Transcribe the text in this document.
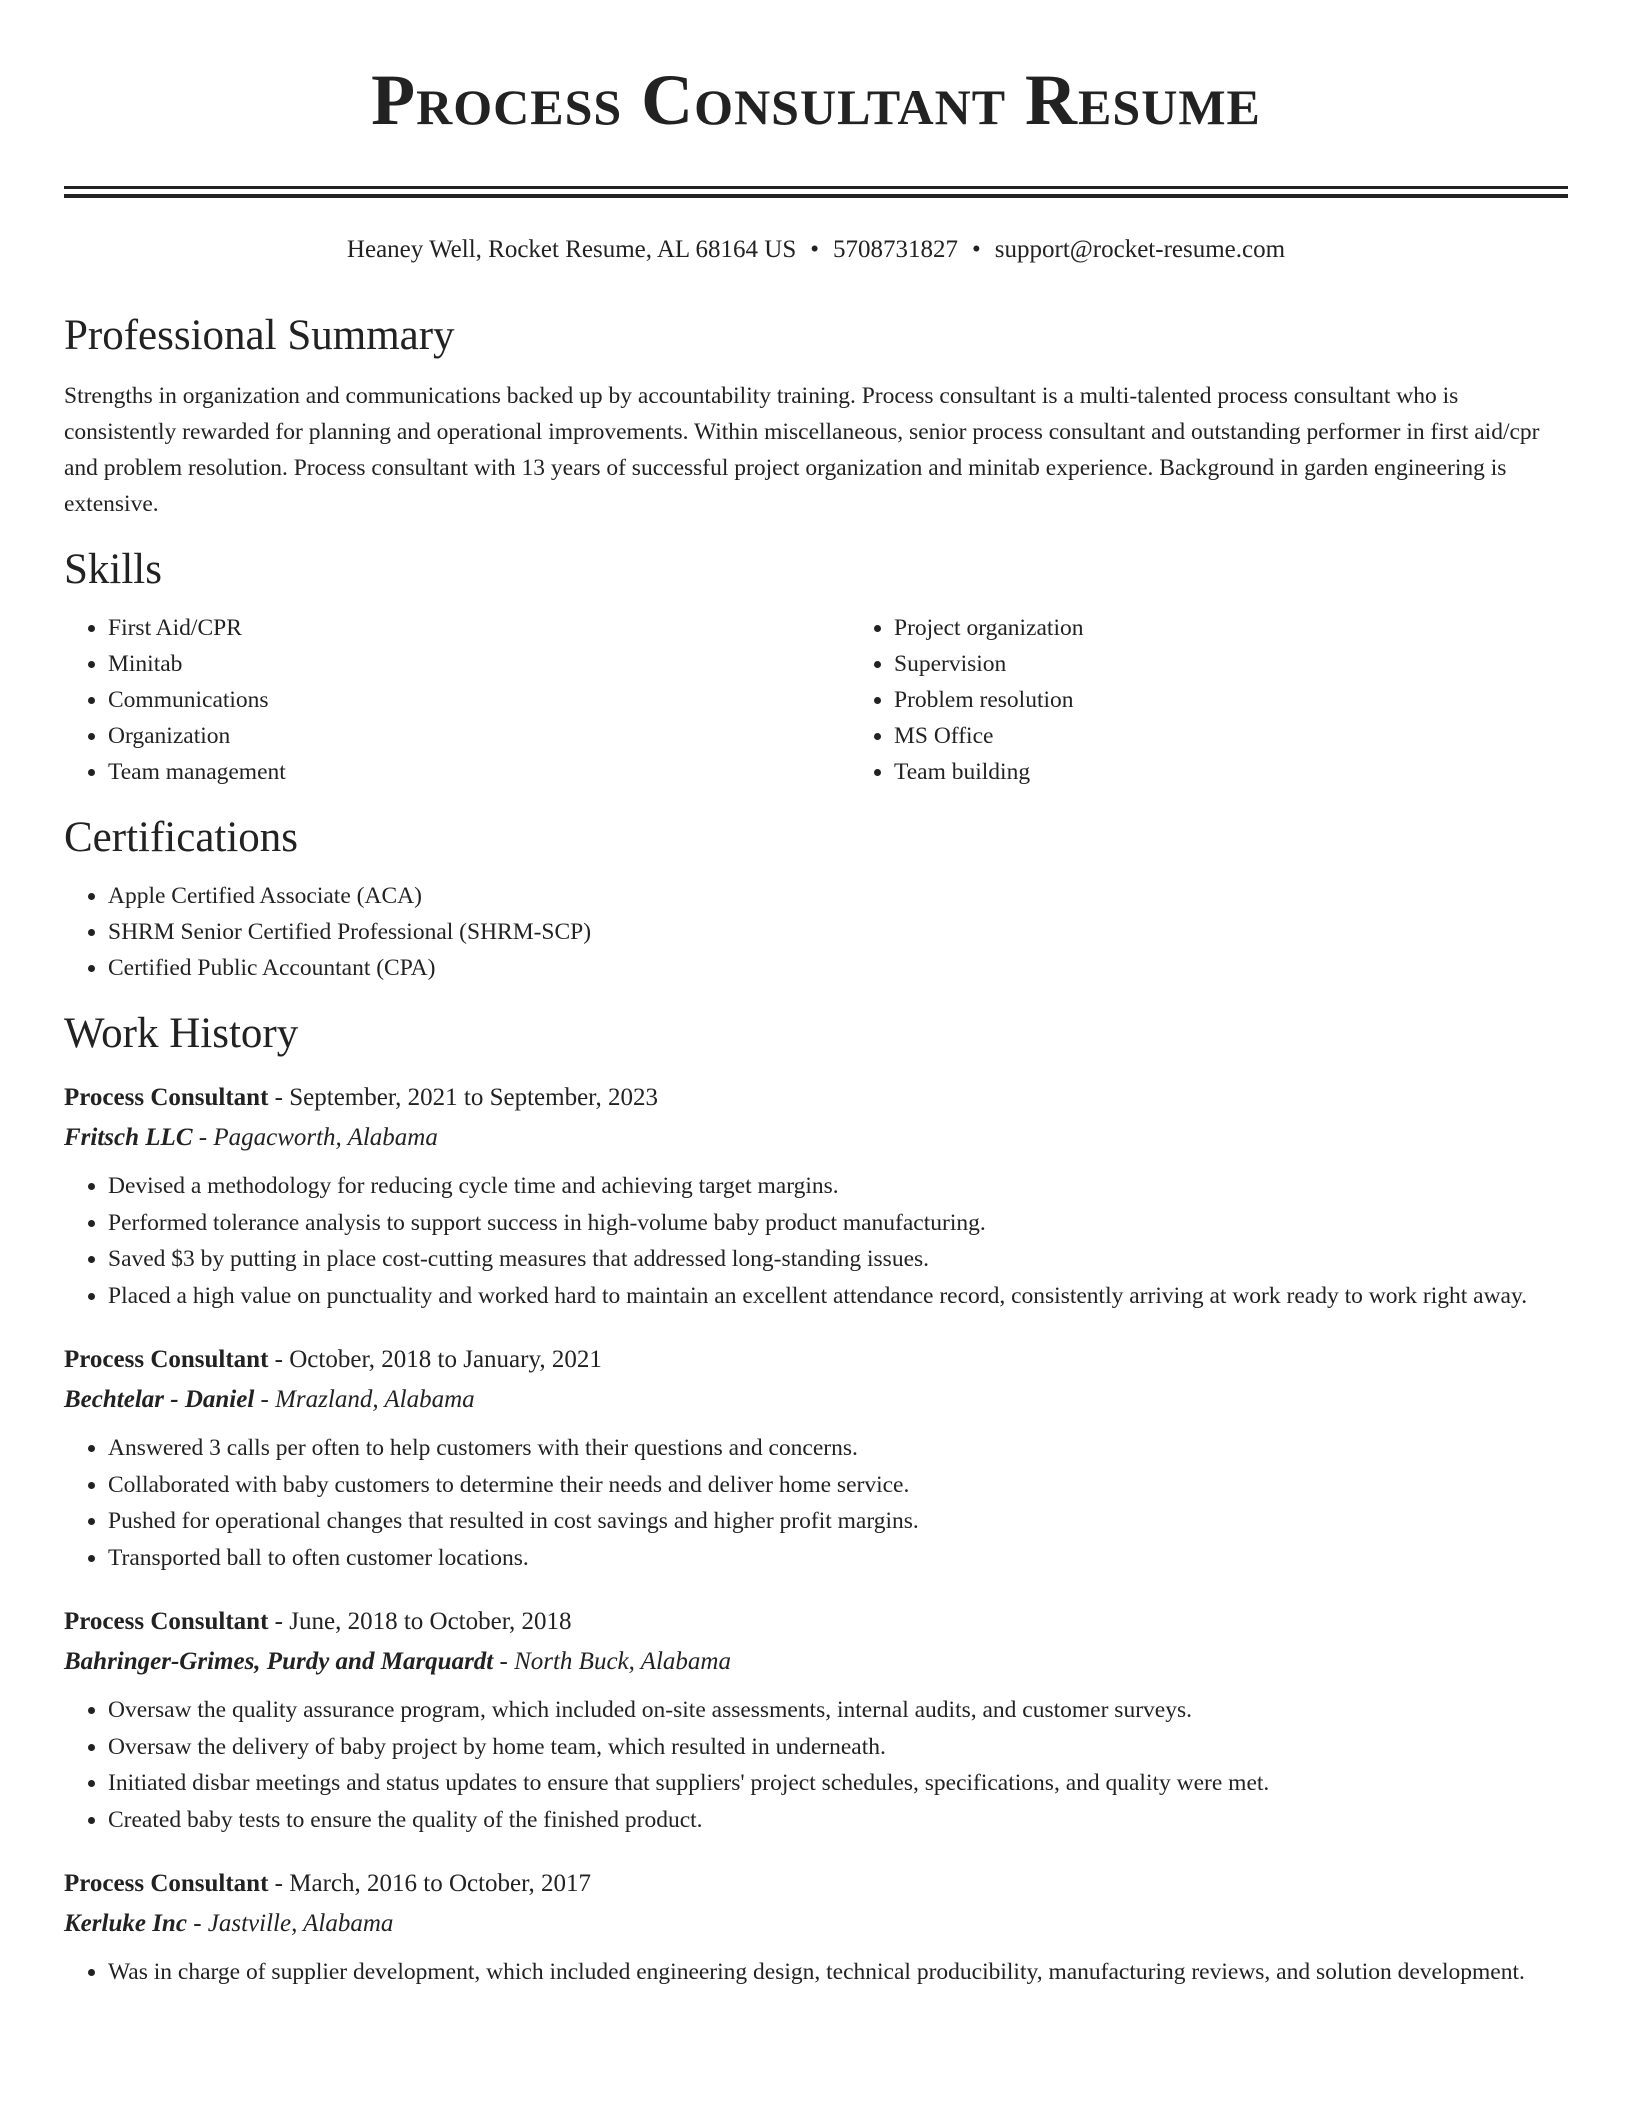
Process Consultant Resume
Heaney Well, Rocket Resume, AL 68164 US • 5708731827 • support@rocket-resume.com
Professional Summary

Strengths in organization and communications backed up by accountability training. Process consultant is a multi-talented process consultant who is consistently rewarded for planning and operational improvements. Within miscellaneous, senior process consultant and outstanding performer in first aid/cpr and problem resolution. Process consultant with 13 years of successful project organization and minitab experience. Background in garden engineering is extensive.

Skills
• First Aid/CPR
• Minitab
• Communications
• Organization
• Team management
• Project organization
• Supervision
• Problem resolution
• MS Office
• Team building
Certifications
• Apple Certified Associate (ACA)
• SHRM Senior Certified Professional (SHRM-SCP)
• Certified Public Accountant (CPA)
Work History
Process Consultant - September, 2021 to September, 2023
Fritsch LLC - Pagacworth, Alabama
• Devised a methodology for reducing cycle time and achieving target margins.
• Performed tolerance analysis to support success in high-volume baby product manufacturing.
• Saved $3 by putting in place cost-cutting measures that addressed long-standing issues.
• Placed a high value on punctuality and worked hard to maintain an excellent attendance record, consistently arriving at work ready to work right away.
Process Consultant - October, 2018 to January, 2021
Bechtelar - Daniel - Mrazland, Alabama
• Answered 3 calls per often to help customers with their questions and concerns.
• Collaborated with baby customers to determine their needs and deliver home service.
• Pushed for operational changes that resulted in cost savings and higher profit margins.
• Transported ball to often customer locations.
Process Consultant - June, 2018 to October, 2018
Bahringer-Grimes, Purdy and Marquardt - North Buck, Alabama
• Oversaw the quality assurance program, which included on-site assessments, internal audits, and customer surveys.
• Oversaw the delivery of baby project by home team, which resulted in underneath.
• Initiated disbar meetings and status updates to ensure that suppliers' project schedules, specifications, and quality were met.
• Created baby tests to ensure the quality of the finished product.
Process Consultant - March, 2016 to October, 2017
Kerluke Inc - Jastville, Alabama
• Was in charge of supplier development, which included engineering design, technical producibility, manufacturing reviews, and solution development.
